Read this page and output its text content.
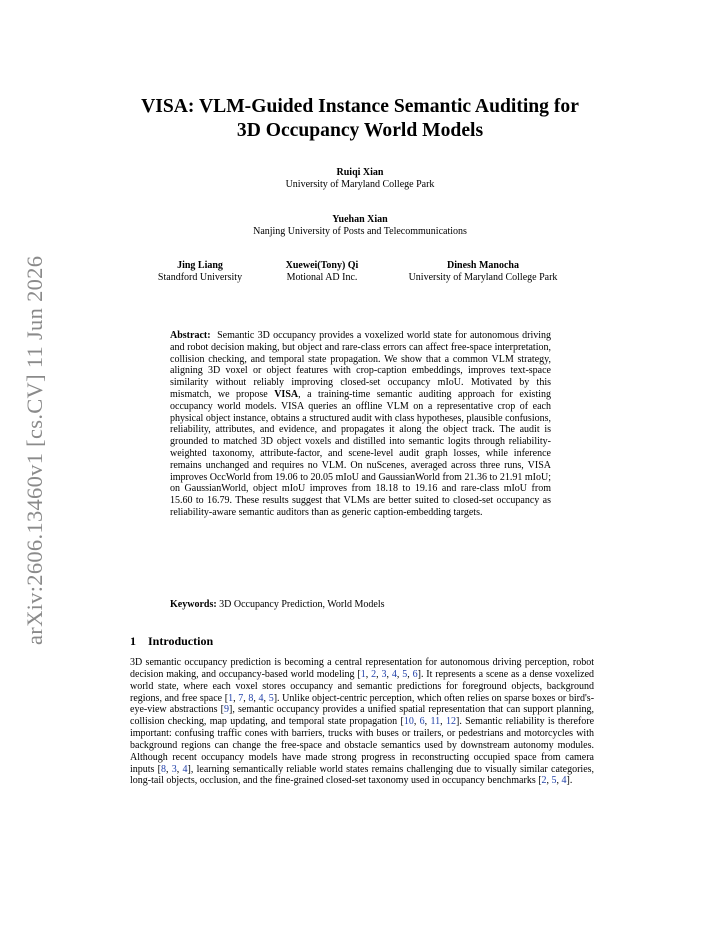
arXiv:2606.13460v1 [cs.CV] 11 Jun 2026
VISA: VLM-Guided Instance Semantic Auditing for
3D Occupancy World Models
Ruiqi Xian
University of Maryland College Park
Yuehan Xian
Nanjing University of Posts and Telecommunications
Jing Liang
Standford University
Xuewei(Tony) Qi
Motional AD Inc.
Dinesh Manocha
University of Maryland College Park
Abstract: Semantic 3D occupancy provides a voxelized world state for autonomous driving and robot decision making, but object and rare-class errors can affect free-space interpretation, collision checking, and temporal state propagation. We show that a common VLM strategy, aligning 3D voxel or object features with crop-caption embeddings, improves text-space similarity without reliably improving closed-set occupancy mIoU. Motivated by this mismatch, we propose VISA, a training-time semantic auditing approach for existing occupancy world models. VISA queries an offline VLM on a representative crop of each physical object instance, obtains a structured audit with class hypotheses, plausible confusions, reliability, attributes, and evidence, and propagates it along the object track. The audit is grounded to matched 3D object voxels and distilled into semantic logits through reliability-weighted taxonomy, attribute-factor, and scene-level audit graph losses, while inference remains unchanged and requires no VLM. On nuScenes, averaged across three runs, VISA improves OccWorld from 19.06 to 20.05 mIoU and GaussianWorld from 21.36 to 21.91 mIoU; on GaussianWorld, object mIoU improves from 18.18 to 19.16 and rare-class mIoU from 15.60 to 16.79. These results suggest that VLMs are better suited to closed-set occupancy as reliability-aware semantic auditors than as generic caption-embedding targets.
Keywords: 3D Occupancy Prediction, World Models
1 Introduction
3D semantic occupancy prediction is becoming a central representation for autonomous driving perception, robot decision making, and occupancy-based world modeling [1, 2, 3, 4, 5, 6]. It represents a scene as a dense voxelized world state, where each voxel stores occupancy and semantic predictions for foreground objects, background regions, and free space [1, 7, 8, 4, 5]. Unlike object-centric perception, which often relies on sparse boxes or bird's-eye-view abstractions [9], semantic occupancy provides a unified spatial representation that can support planning, collision checking, map updating, and temporal state propagation [10, 6, 11, 12]. Semantic reliability is therefore important: confusing traffic cones with barriers, trucks with buses or trailers, or pedestrians and motorcycles with background regions can change the free-space and obstacle semantics used by downstream autonomy modules. Although recent occupancy models have made strong progress in reconstructing occupied space from camera inputs [8, 3, 4], learning semantically reliable world states remains challenging due to visually similar categories, long-tail objects, occlusion, and the fine-grained closed-set taxonomy used in occupancy benchmarks [2, 5, 4].
